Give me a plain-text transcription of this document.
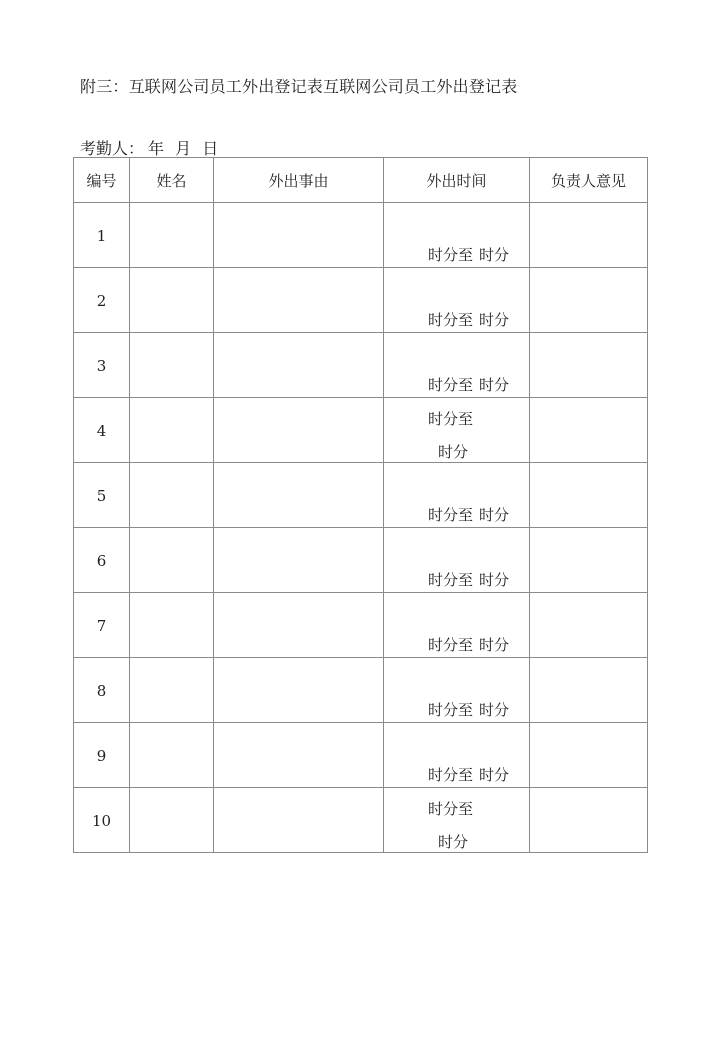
附三：互联网公司员工外出登记表互联网公司员工外出登记表
考勤人： 年 月 日
编号	姓名	外出事由	外出时间	负责人意见
1			时分至 时分	

2			时分至 时分	

3			时分至 时分	

4			时分至
时分	

5			时分至 时分	

6			时分至 时分	

7			时分至 时分	

8			时分至 时分	

9			时分至 时分	

10			时分至
时分	
